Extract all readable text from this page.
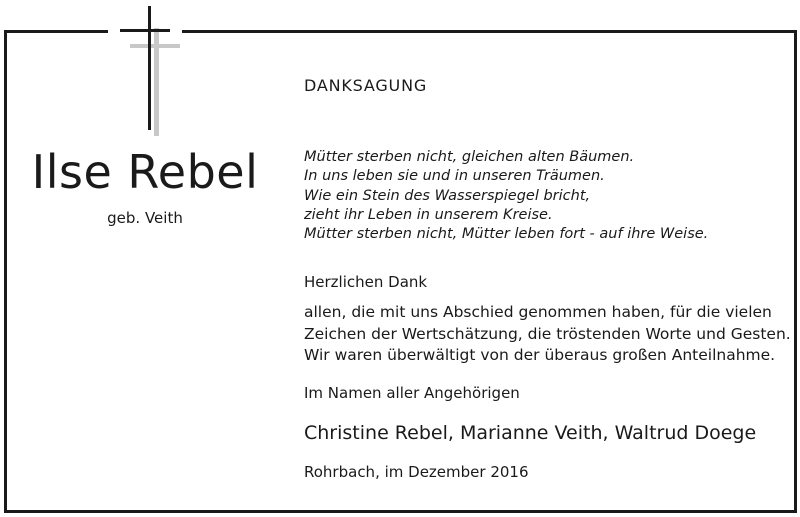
Ilse Rebel
geb. Veith
DANKSAGUNG
Mütter sterben nicht, gleichen alten Bäumen.
In uns leben sie und in unseren Träumen.
Wie ein Stein des Wasserspiegel bricht,
zieht ihr Leben in unserem Kreise.
Mütter sterben nicht, Mütter leben fort - auf ihre Weise.
Herzlichen Dank
allen, die mit uns Abschied genommen haben, für die vielen
Zeichen der Wertschätzung, die tröstenden Worte und Gesten.
Wir waren überwältigt von der überaus großen Anteilnahme.
Im Namen aller Angehörigen
Christine Rebel, Marianne Veith, Waltrud Doege
Rohrbach, im Dezember 2016
